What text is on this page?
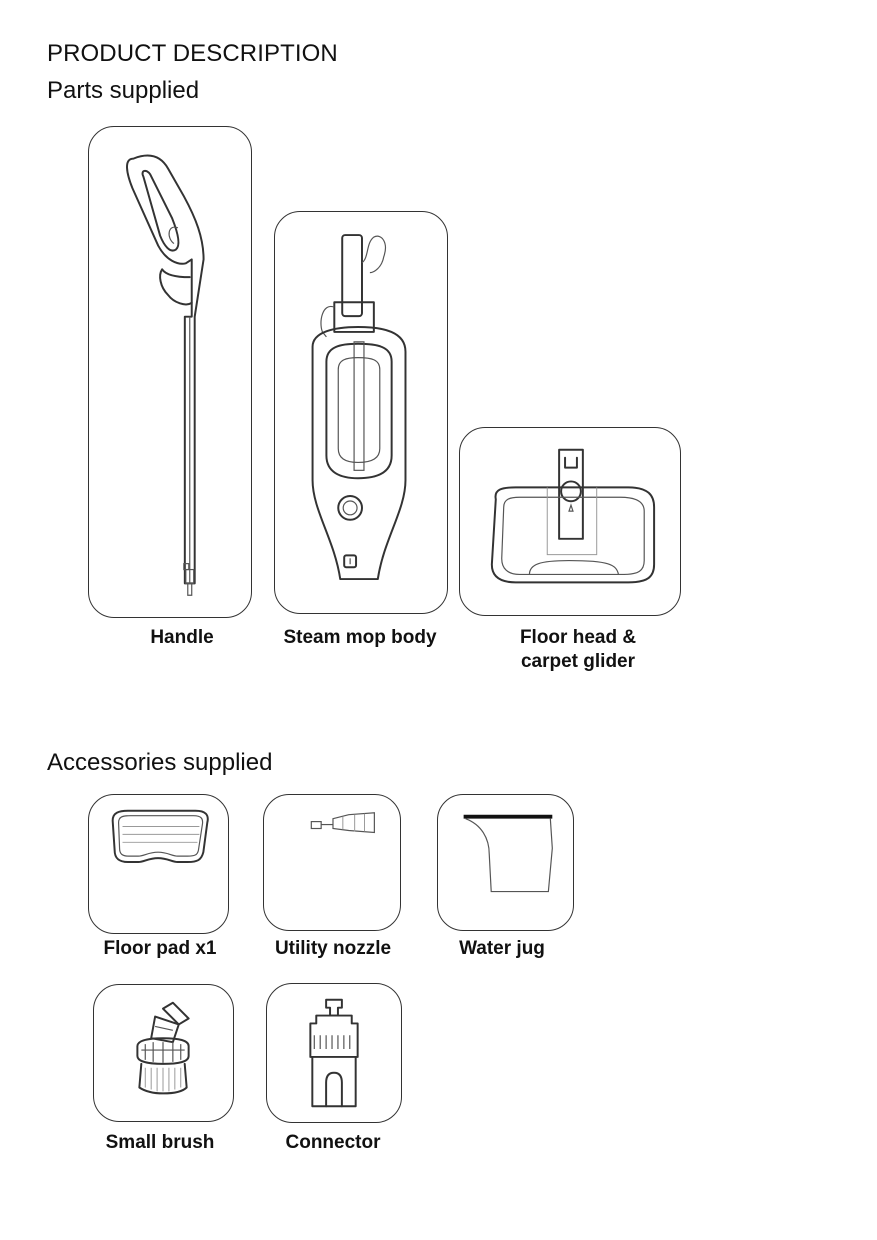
PRODUCT DESCRIPTION
Parts supplied
Handle	Steam mop body	Floor head &
carpet glider
Accessories supplied
Floor pad x1	Utility nozzle	Water jug
Small brush	Connector
